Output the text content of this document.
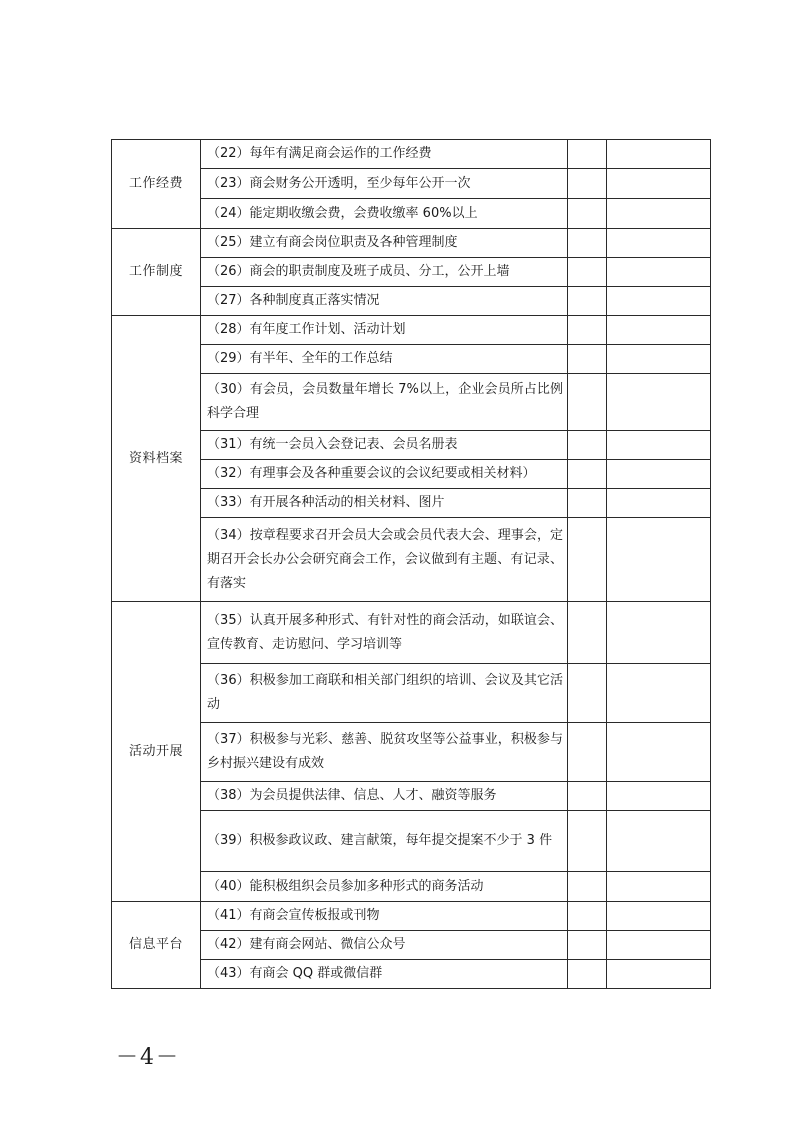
工作经费	（22）每年有满足商会运作的工作经费		
	（23）商会财务公开透明，至少每年公开一次		
	（24）能定期收缴会费，会费收缴率 60%以上		
工作制度	（25）建立有商会岗位职责及各种管理制度		
	（26）商会的职责制度及班子成员、分工，公开上墙		
	（27）各种制度真正落实情况		
资料档案	（28）有年度工作计划、活动计划		
	（29）有半年、全年的工作总结		
	（30）有会员，会员数量年增长 7%以上，企业会员所占比例科学合理		
	（31）有统一会员入会登记表、会员名册表		
	（32）有理事会及各种重要会议的会议纪要或相关材料）		
	（33）有开展各种活动的相关材料、图片		
	（34）按章程要求召开会员大会或会员代表大会、理事会，定期召开会长办公会研究商会工作，会议做到有主题、有记录、有落实		
活动开展	（35）认真开展多种形式、有针对性的商会活动，如联谊会、宣传教育、走访慰问、学习培训等		
	（36）积极参加工商联和相关部门组织的培训、会议及其它活动		
	（37）积极参与光彩、慈善、脱贫攻坚等公益事业，积极参与乡村振兴建设有成效		
	（38）为会员提供法律、信息、人才、融资等服务		
	（39）积极参政议政、建言献策，每年提交提案不少于 3 件		
	（40）能积极组织会员参加多种形式的商务活动		
信息平台	（41）有商会宣传板报或刊物		
	（42）建有商会网站、微信公众号		
	（43）有商会 QQ 群或微信群		
－4－
